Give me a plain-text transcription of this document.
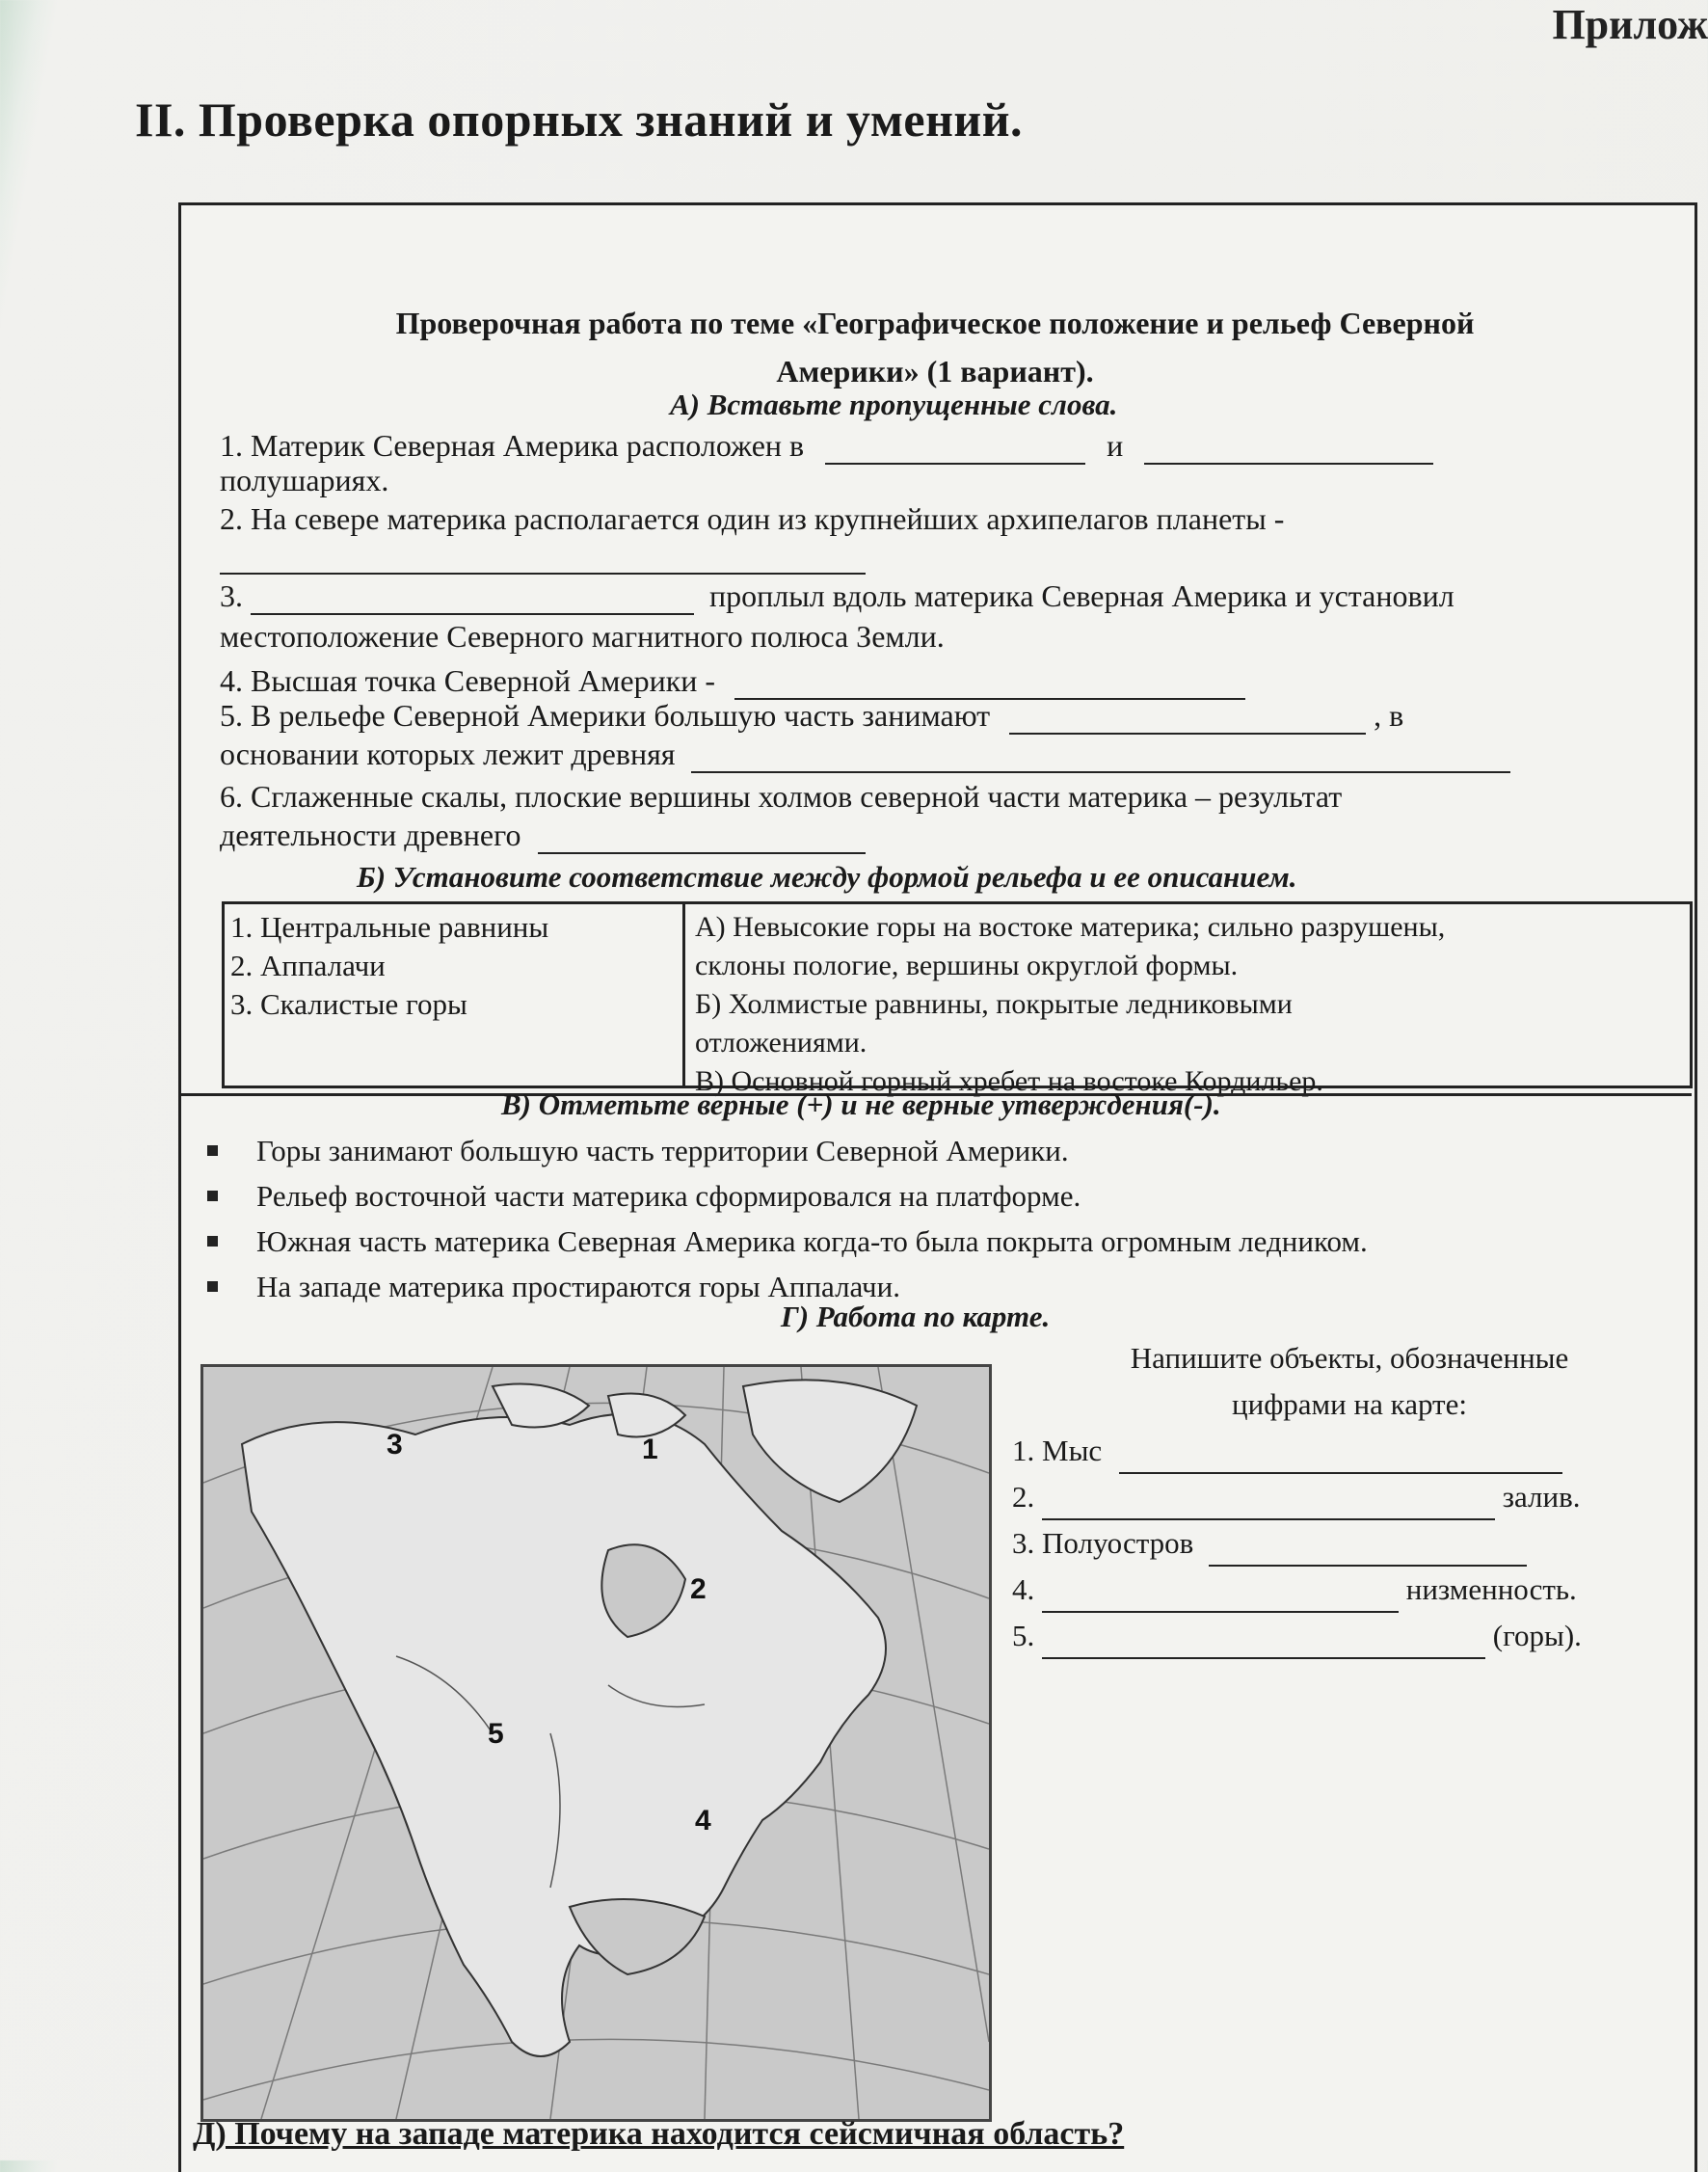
Прилож
II. Проверка опорных знаний и умений.
Проверочная работа по теме «Географическое положение и рельеф Северной
Америки» (1 вариант).
А) Вставьте пропущенные слова.
1. Материк Северная Америка расположен в	и
полушариях.
2. На севере материка располагается один из крупнейших архипелагов планеты -
3.	проплыл вдоль материка Северная Америка и установил
местоположение Северного магнитного полюса Земли.
4. Высшая точка Северной Америки -
5. В рельефе Северной Америки большую часть занимают	, в
основании которых лежит древняя
6. Сглаженные скалы, плоские вершины холмов северной части материка – результат
деятельности древнего
Б) Установите соответствие между формой рельефа и ее описанием.
1. Центральные равнины
2. Аппалачи
3. Скалистые горы
А) Невысокие горы на востоке материка; сильно разрушены,
склоны пологие, вершины округлой формы.
Б) Холмистые равнины, покрытые ледниковыми
отложениями.
В) Основной горный хребет на востоке Кордильер.
В) Отметьте верные (+) и не верные утверждения(-).
Горы занимают большую часть территории Северной Америки.
Рельеф восточной части материка сформировался на платформе.
Южная часть материка Северная Америка когда-то была покрыта огромным ледником.
На западе материка простираются горы Аппалачи.
Г) Работа по карте.
3	1
2
5
4
Напишите объекты, обозначенные
цифрами на карте:
1. Мыс
2.	залив.
3. Полуостров
4.	низменность.
5.	(горы).
Д) Почему на западе материка находится сейсмичная область?
